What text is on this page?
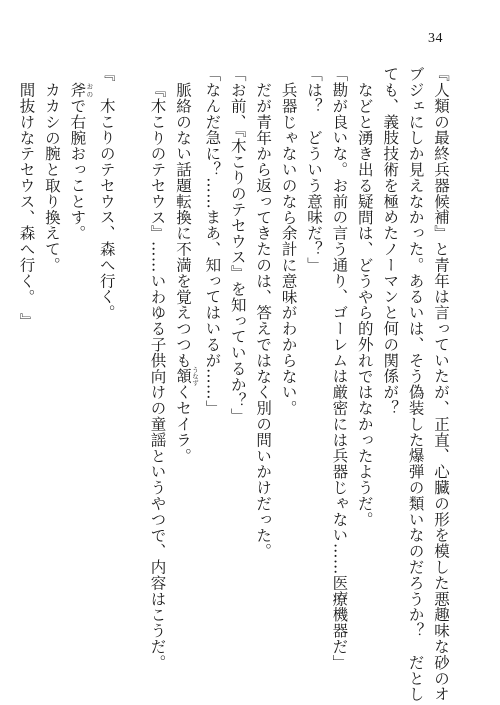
34
『人類の最終兵器候補』と青年は言っていたが、正直、心臓の形を模した悪趣味な砂のオ
ブジェにしか見えなかった。あるいは、そう偽装した爆弾の類いなのだろうか？　だとし
ても、義肢技術を極めたノーマンと何の関係が？
などと湧き出る疑問は、どうやら的外れではなかったようだ。
「勘が良いな。お前の言う通り、ゴーレムは厳密には兵器じゃない……医療機器だ」
「は？　どういう意味だ？」
兵器じゃないのなら余計に意味がわからない。
だが青年から返ってきたのは、答えではなく別の問いかけだった。
「お前、『木こりのテセウス』を知っているか？」
「なんだ急に？……まあ、知ってはいるが……」
脈絡のない話題転換に不満を覚えつつも頷 うなずくセイラ。
『木こりのテセウス』……いわゆる子供向けの童謡というやつで、内容はこうだ。

『　木こりのテセウス、森へ行く。
斧 おので右腕おっことす。
カカシの腕と取り換えて。
間抜けなテセウス、森へ行く。
』
